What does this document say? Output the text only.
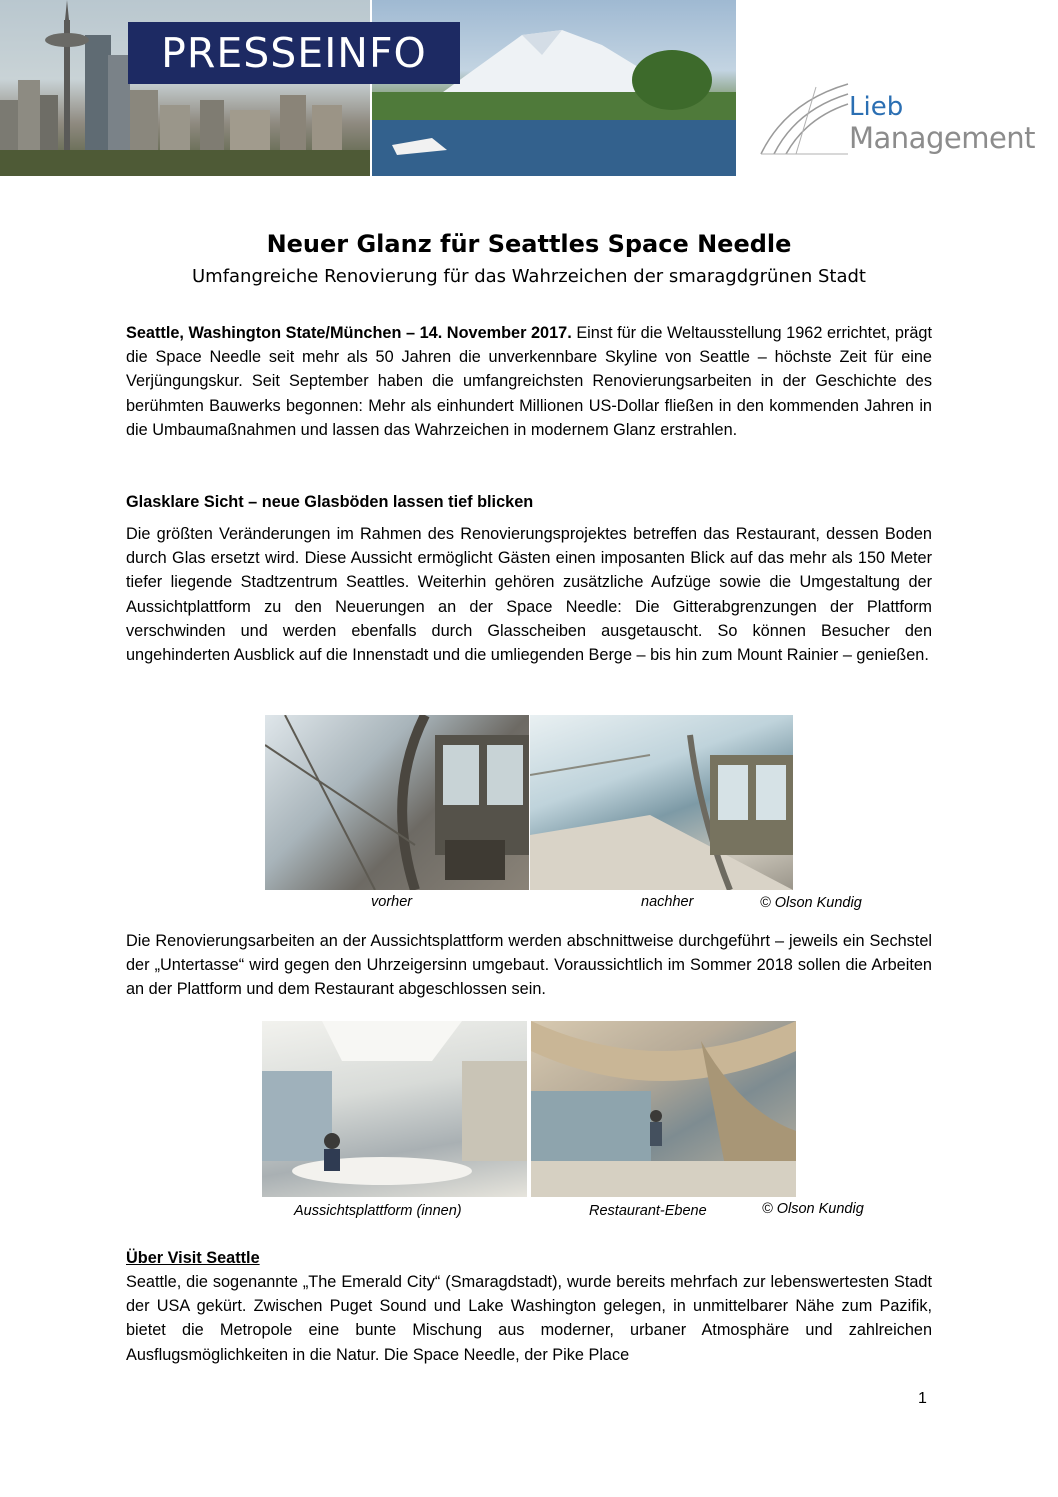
PRESSEINFO
Lieb
Management
Neuer Glanz für Seattles Space Needle
Umfangreiche Renovierung für das Wahrzeichen der smaragdgrünen Stadt
Seattle, Washington State/München – 14. November 2017. Einst für die Weltausstellung 1962 errichtet, prägt die Space Needle seit mehr als 50 Jahren die unverkennbare Skyline von Seattle – höchste Zeit für eine Verjüngungskur. Seit September haben die umfangreichsten Renovierungsarbeiten in der Geschichte des berühmten Bauwerks begonnen: Mehr als einhundert Millionen US-Dollar fließen in den kommenden Jahren in die Umbaumaßnahmen und lassen das Wahrzeichen in modernem Glanz erstrahlen.
Glasklare Sicht – neue Glasböden lassen tief blicken
Die größten Veränderungen im Rahmen des Renovierungsprojektes betreffen das Restaurant, dessen Boden durch Glas ersetzt wird. Diese Aussicht ermöglicht Gästen einen imposanten Blick auf das mehr als 150 Meter tiefer liegende Stadtzentrum Seattles. Weiterhin gehören zusätzliche Aufzüge sowie die Umgestaltung der Aussichtplattform zu den Neuerungen an der Space Needle: Die Gitterabgrenzungen der Plattform verschwinden und werden ebenfalls durch Glasscheiben ausgetauscht. So können Besucher den ungehinderten Ausblick auf die Innenstadt und die umliegenden Berge – bis hin zum Mount Rainier – genießen.
vorher	nachher	© Olson Kundig
Die Renovierungsarbeiten an der Aussichtsplattform werden abschnittweise durchgeführt – jeweils ein Sechstel der „Untertasse“ wird gegen den Uhrzeigersinn umgebaut. Voraussichtlich im Sommer 2018 sollen die Arbeiten an der Plattform und dem Restaurant abgeschlossen sein.
Aussichtsplattform (innen)	Restaurant-Ebene	© Olson Kundig
Über Visit Seattle
Seattle, die sogenannte „The Emerald City“ (Smaragdstadt), wurde bereits mehrfach zur lebenswertesten Stadt der USA gekürt. Zwischen Puget Sound und Lake Washington gelegen, in unmittelbarer Nähe zum Pazifik, bietet die Metropole eine bunte Mischung aus moderner, urbaner Atmosphäre und zahlreichen Ausflugsmöglichkeiten in die Natur. Die Space Needle, der Pike Place
1
